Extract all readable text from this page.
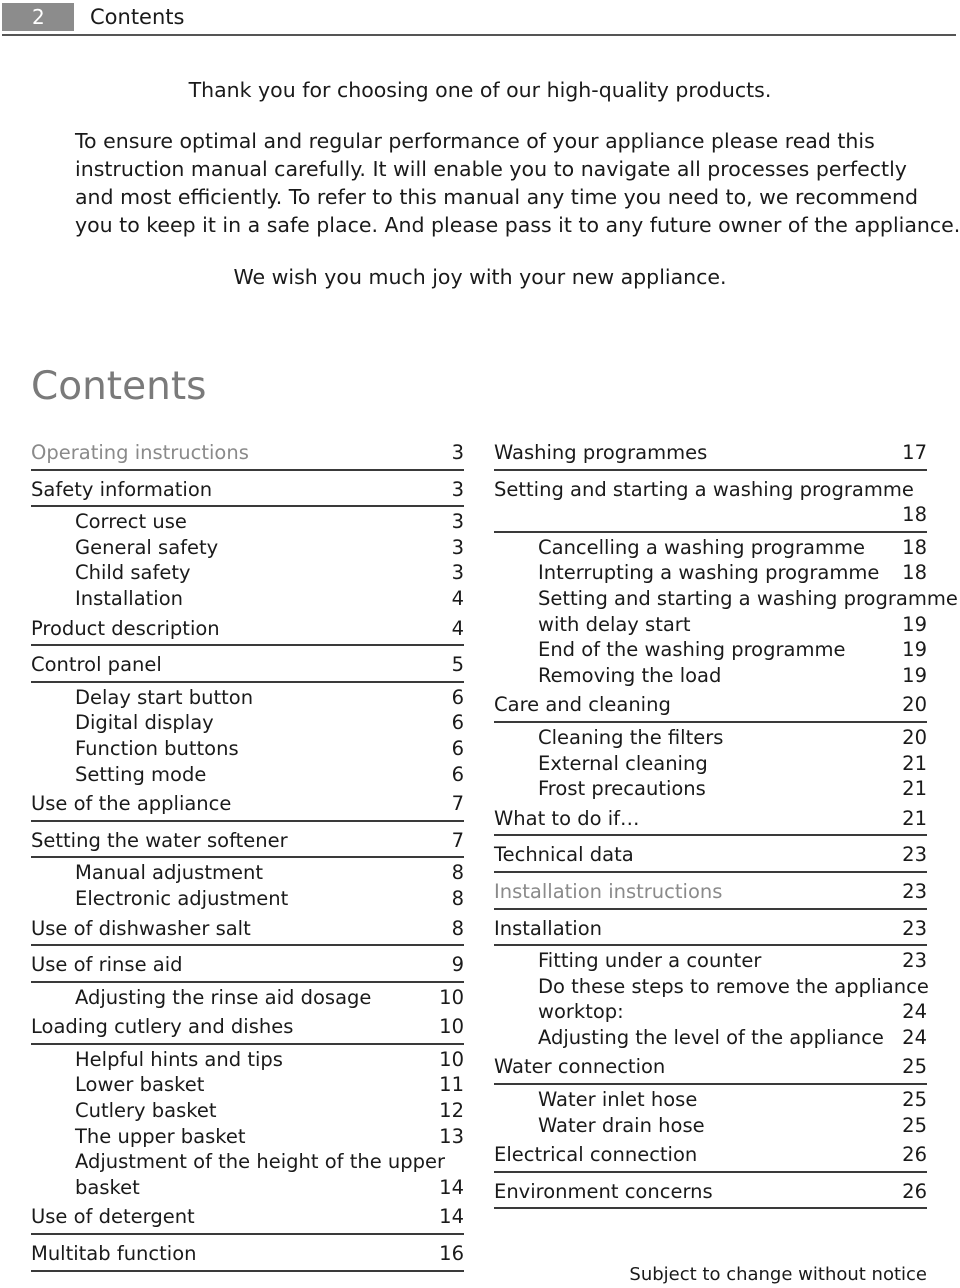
2	Contents
Thank you for choosing one of our high-quality products.
To ensure optimal and regular performance of your appliance please read this
instruction manual carefully. It will enable you to navigate all processes perfectly
and most efficiently. To refer to this manual any time you need to, we recommend
you to keep it in a safe place. And please pass it to any future owner of the appliance.
We wish you much joy with your new appliance.
Contents
Operating instructions	3
Safety information	3
Correct use	3
General safety	3
Child safety	3
Installation	4
Product description	4
Control panel	5
Delay start button	6
Digital display	6
Function buttons	6
Setting mode	6
Use of the appliance	7
Setting the water softener	7
Manual adjustment	8
Electronic adjustment	8
Use of dishwasher salt	8
Use of rinse aid	9
Adjusting the rinse aid dosage	10
Loading cutlery and dishes	10
Helpful hints and tips	10
Lower basket	11
Cutlery basket	12
The upper basket	13
Adjustment of the height of the upper
basket	14
Use of detergent	14
Multitab function	16
Washing programmes	17
Setting and starting a washing programme
18
Cancelling a washing programme 18
Interrupting a washing programme 18
Setting and starting a washing programme
with delay start	19
End of the washing programme	19
Removing the load	19
Care and cleaning	20
Cleaning the filters	20
External cleaning	21
Frost precautions	21
What to do if…	21
Technical data	23
Installation instructions	23
Installation	23
Fitting under a counter	23
Do these steps to remove the appliance
worktop:	24
Adjusting the level of the appliance 24
Water connection	25
Water inlet hose	25
Water drain hose	25
Electrical connection	26
Environment concerns	26
Subject to change without notice
